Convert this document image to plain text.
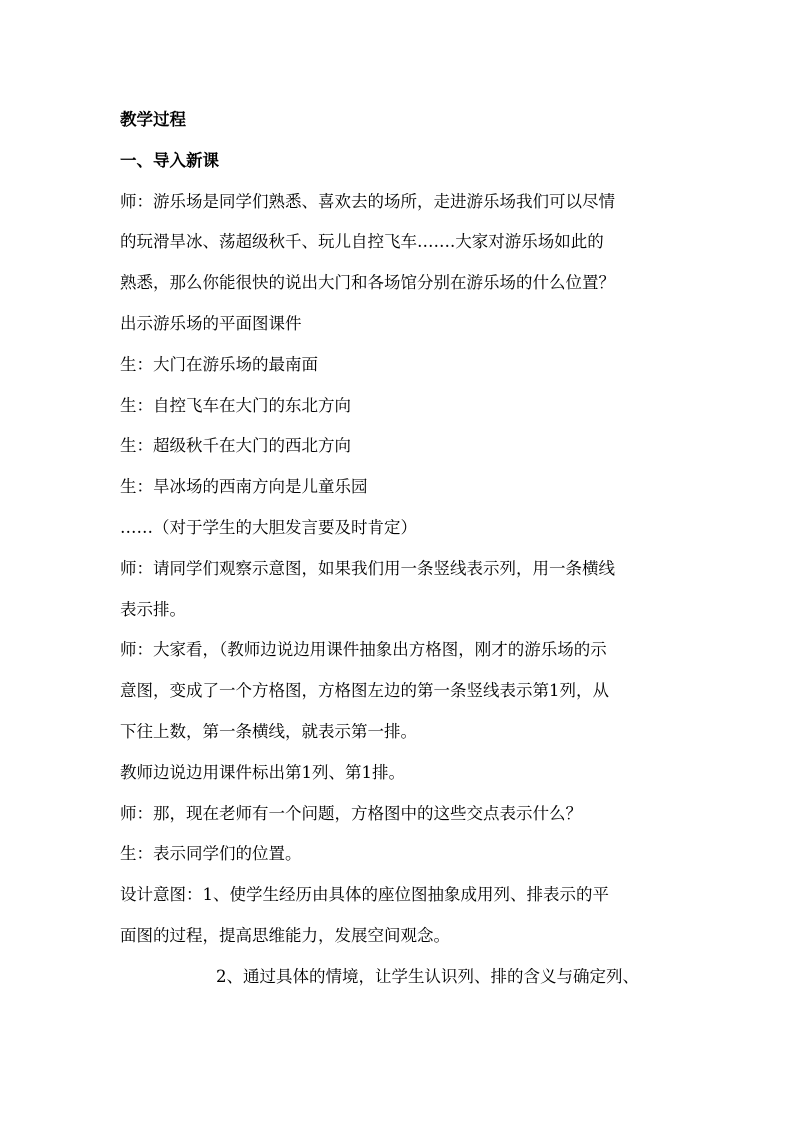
教学过程
一、导入新课
师：游乐场是同学们熟悉、喜欢去的场所，走进游乐场我们可以尽情
的玩滑旱冰、荡超级秋千、玩儿自控飞车…….大家对游乐场如此的
熟悉，那么你能很快的说出大门和各场馆分别在游乐场的什么位置？
出示游乐场的平面图课件
生：大门在游乐场的最南面
生：自控飞车在大门的东北方向
生：超级秋千在大门的西北方向
生：旱冰场的西南方向是儿童乐园
……（对于学生的大胆发言要及时肯定）
师：请同学们观察示意图，如果我们用一条竖线表示列，用一条横线
表示排。
师：大家看，（教师边说边用课件抽象出方格图，刚才的游乐场的示
意图，变成了一个方格图，方格图左边的第一条竖线表示第1列，从
下往上数，第一条横线，就表示第一排。
教师边说边用课件标出第1列、第1排。
师：那，现在老师有一个问题，方格图中的这些交点表示什么？
生：表示同学们的位置。
设计意图：1、使学生经历由具体的座位图抽象成用列、排表示的平
面图的过程，提高思维能力，发展空间观念。
2、通过具体的情境，让学生认识列、排的含义与确定列、
